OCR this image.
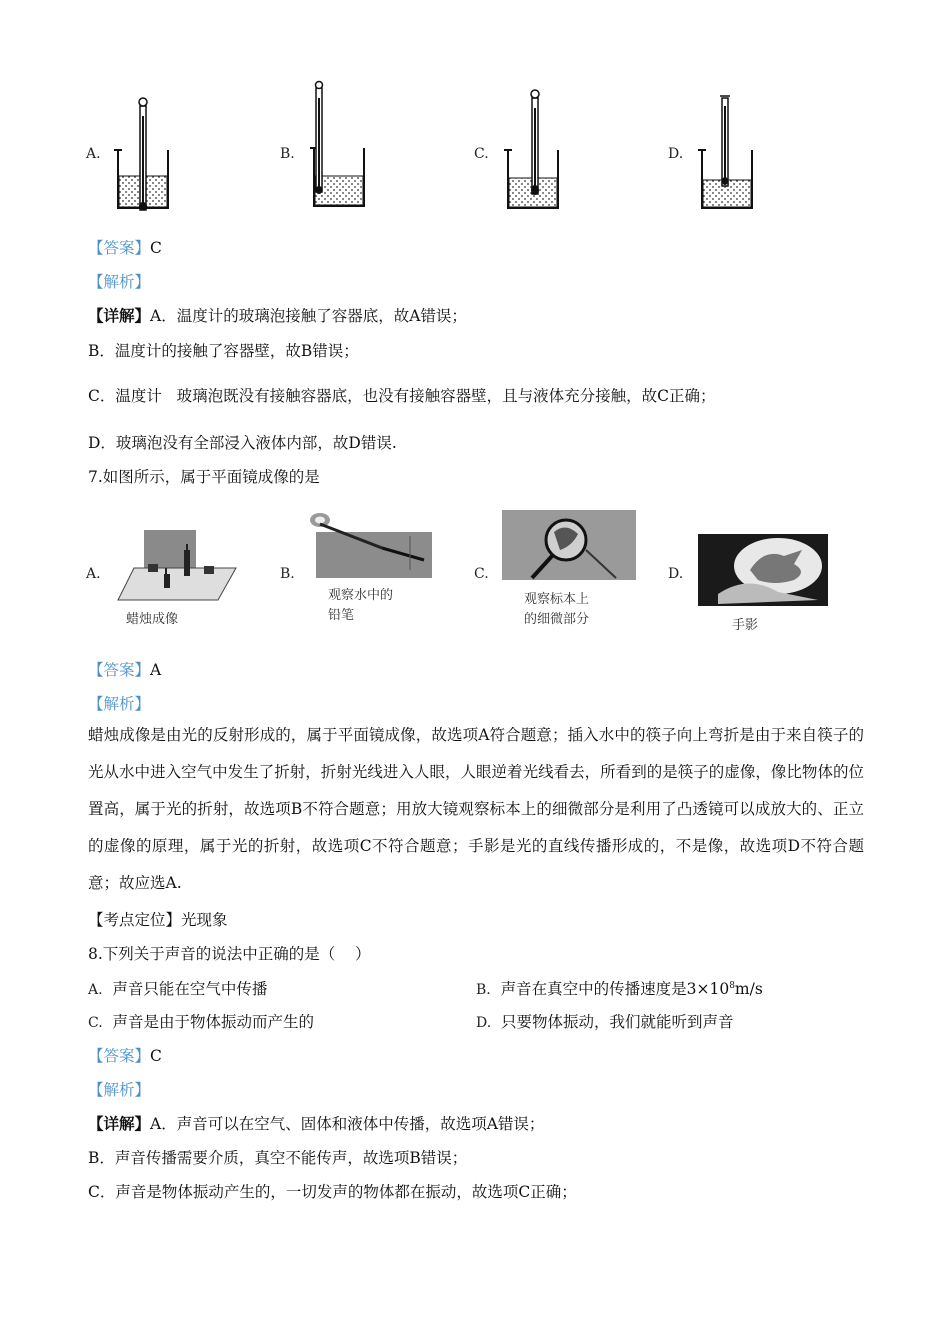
A.	B.	C.	D.
【答案】C
【解析】
【详解】A．温度计的玻璃泡接触了容器底，故A错误；
B．温度计的接触了容器壁，故B错误；
C．温度计   玻璃泡既没有接触容器底，也没有接触容器壁，且与液体充分接触，故C正确；
D．玻璃泡没有全部浸入液体内部，故D错误.
7.如图所示，属于平面镜成像的是
A.
蜡烛成像
B.
观察水中的
铅笔
C.
观察标本上
的细微部分
D.
手影
【答案】A
【解析】
蜡烛成像是由光的反射形成的，属于平面镜成像，故选项A符合题意；插入水中的筷子向上弯折是由于来自筷子的光从水中进入空气中发生了折射，折射光线进入人眼，人眼逆着光线看去，所看到的是筷子的虚像，像比物体的位置高，属于光的折射，故选项B不符合题意；用放大镜观察标本上的细微部分是利用了凸透镜可以成放大的、正立的虚像的原理，属于光的折射，故选项C不符合题意；手影是光的直线传播形成的，不是像，故选项D不符合题意；故应选A.
【考点定位】光现象
8.下列关于声音的说法中正确的是（    ）
A. 声音只能在空气中传播	B. 声音在真空中的传播速度是$3\times 10^8m/s$
C. 声音是由于物体振动而产生的	D. 只要物体振动，我们就能听到声音
【答案】C
【解析】
【详解】A．声音可以在空气、固体和液体中传播，故选项A错误；
B．声音传播需要介质，真空不能传声，故选项B错误；
C．声音是物体振动产生的，一切发声的物体都在振动，故选项C正确；
